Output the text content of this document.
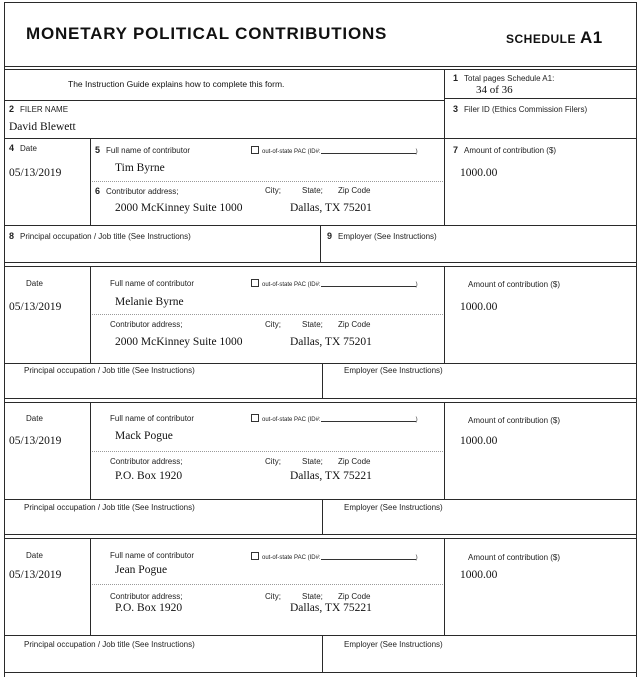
MONETARY POLITICAL CONTRIBUTIONS	SCHEDULE A1
The Instruction Guide explains how to complete this form.
1 Total pages Schedule A1:
34 of 36
2 FILER NAME
David Blewett
3 Filer ID (Ethics Commission Filers)
4 Date
05/13/2019
5 Full name of contributor	out-of-state PAC (ID#:	)
Tim Byrne
6 Contributor address;	City;	State; Zip Code
2000 McKinney Suite 1000	Dallas, TX 75201
7 Amount of contribution ($)
1000.00
8 Principal occupation / Job title (See Instructions)	9 Employer (See Instructions)
Date
05/13/2019
Full name of contributor	out-of-state PAC (ID#:	)
Melanie Byrne
Contributor address;	City;	State; Zip Code
2000 McKinney Suite 1000	Dallas, TX 75201
Amount of contribution ($)
1000.00
Principal occupation / Job title (See Instructions)	Employer (See Instructions)
Date
05/13/2019
Full name of contributor	out-of-state PAC (ID#:	)
Mack Pogue
Contributor address;	City;	State; Zip Code
P.O. Box 1920	Dallas, TX 75221
Amount of contribution ($)
1000.00
Principal occupation / Job title (See Instructions)	Employer (See Instructions)
Date
05/13/2019
Full name of contributor	out-of-state PAC (ID#:	)
Jean Pogue
Contributor address;	City;	State; Zip Code
P.O. Box 1920	Dallas, TX 75221
Amount of contribution ($)
1000.00
Principal occupation / Job title (See Instructions)	Employer (See Instructions)
